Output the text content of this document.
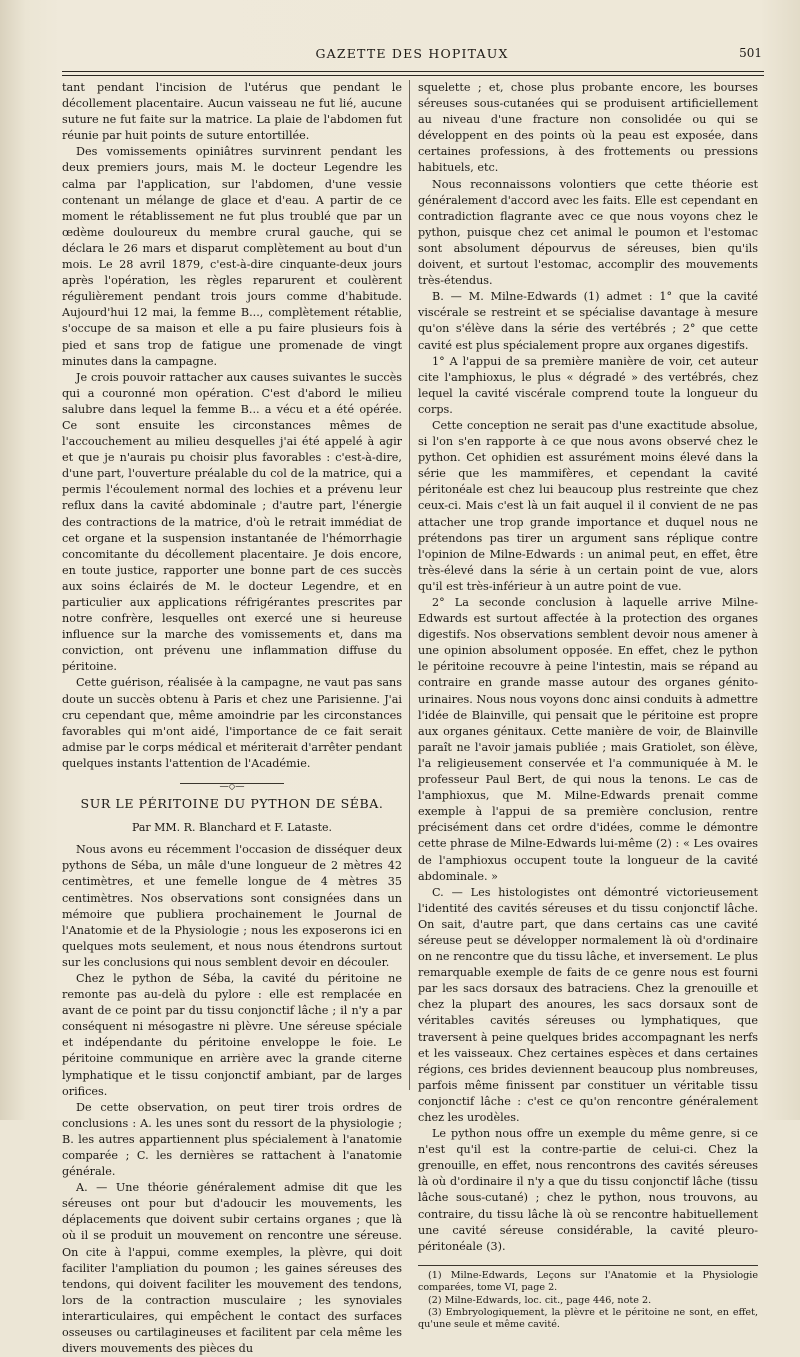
GAZETTE DES HOPITAUX	501

tant pendant l'incision de l'utérus que pendant le décollement placentaire. Aucun vaisseau ne fut lié, aucune suture ne fut faite sur la matrice. La plaie de l'abdomen fut réunie par huit points de suture entortillée.

Des vomissements opiniâtres survinrent pendant les deux premiers jours, mais M. le docteur Legendre les calma par l'application, sur l'abdomen, d'une vessie contenant un mélange de glace et d'eau. A partir de ce moment le rétablissement ne fut plus troublé que par un œdème douloureux du membre crural gauche, qui se déclara le 26 mars et disparut complètement au bout d'un mois. Le 28 avril 1879, c'est-à-dire cinquante-deux jours après l'opération, les règles reparurent et coulèrent régulièrement pendant trois jours comme d'habitude. Aujourd'hui 12 mai, la femme B..., complètement rétablie, s'occupe de sa maison et elle a pu faire plusieurs fois à pied et sans trop de fatigue une promenade de vingt minutes dans la campagne.

Je crois pouvoir rattacher aux causes suivantes le succès qui a couronné mon opération. C'est d'abord le milieu salubre dans lequel la femme B... a vécu et a été opérée. Ce sont ensuite les circonstances mêmes de l'accouchement au milieu desquelles j'ai été appelé à agir et que je n'aurais pu choisir plus favorables : c'est-à-dire, d'une part, l'ouverture préalable du col de la matrice, qui a permis l'écoulement normal des lochies et a prévenu leur reflux dans la cavité abdominale ; d'autre part, l'énergie des contractions de la matrice, d'où le retrait immédiat de cet organe et la suspension instantanée de l'hémorrhagie concomitante du décollement placentaire. Je dois encore, en toute justice, rapporter une bonne part de ces succès aux soins éclairés de M. le docteur Legendre, et en particulier aux applications réfrigérantes prescrites par notre confrère, lesquelles ont exercé une si heureuse influence sur la marche des vomissements et, dans ma conviction, ont prévenu une inflammation diffuse du péritoine.

Cette guérison, réalisée à la campagne, ne vaut pas sans doute un succès obtenu à Paris et chez une Parisienne. J'ai cru cependant que, même amoindrie par les circonstances favorables qui m'ont aidé, l'importance de ce fait serait admise par le corps médical et mériterait d'arrêter pendant quelques instants l'attention de l'Académie.

—◇—
SUR LE PÉRITOINE DU PYTHON DE SÉBA.
Par MM. R. Blanchard et F. Lataste.

Nous avons eu récemment l'occasion de disséquer deux pythons de Séba, un mâle d'une longueur de 2 mètres 42 centimètres, et une femelle longue de 4 mètres 35 centimètres. Nos observations sont consignées dans un mémoire que publiera prochainement le Journal de l'Anatomie et de la Physiologie ; nous les exposerons ici en quelques mots seulement, et nous nous étendrons surtout sur les conclusions qui nous semblent devoir en découler.

Chez le python de Séba, la cavité du péritoine ne remonte pas au-delà du pylore : elle est remplacée en avant de ce point par du tissu conjonctif lâche ; il n'y a par conséquent ni mésogastre ni plèvre. Une séreuse spéciale et indépendante du péritoine enveloppe le foie. Le péritoine communique en arrière avec la grande citerne lymphatique et le tissu conjonctif ambiant, par de larges orifices.

De cette observation, on peut tirer trois ordres de conclusions : A. les unes sont du ressort de la physiologie ; B. les autres appartiennent plus spécialement à l'anatomie comparée ; C. les dernières se rattachent à l'anatomie générale.

A. — Une théorie généralement admise dit que les séreuses ont pour but d'adoucir les mouvements, les déplacements que doivent subir certains organes ; que là où il se produit un mouvement on rencontre une séreuse. On cite à l'appui, comme exemples, la plèvre, qui doit faciliter l'ampliation du poumon ; les gaines séreuses des tendons, qui doivent faciliter les mouvement des tendons, lors de la contraction musculaire ; les synoviales interarticulaires, qui empêchent le contact des surfaces osseuses ou cartilagineuses et facilitent par cela même les divers mouvements des pièces du

squelette ; et, chose plus probante encore, les bourses séreuses sous-cutanées qui se produisent artificiellement au niveau d'une fracture non consolidée ou qui se développent en des points où la peau est exposée, dans certaines professions, à des frottements ou pressions habituels, etc.

Nous reconnaissons volontiers que cette théorie est généralement d'accord avec les faits. Elle est cependant en contradiction flagrante avec ce que nous voyons chez le python, puisque chez cet animal le poumon et l'estomac sont absolument dépourvus de séreuses, bien qu'ils doivent, et surtout l'estomac, accomplir des mouvements très-étendus.

B. — M. Milne-Edwards (1) admet : 1° que la cavité viscérale se restreint et se spécialise davantage à mesure qu'on s'élève dans la série des vertébrés ; 2° que cette cavité est plus spécialement propre aux organes digestifs.

1° A l'appui de sa première manière de voir, cet auteur cite l'amphioxus, le plus « dégradé » des vertébrés, chez lequel la cavité viscérale comprend toute la longueur du corps.

Cette conception ne serait pas d'une exactitude absolue, si l'on s'en rapporte à ce que nous avons observé chez le python. Cet ophidien est assurément moins élevé dans la série que les mammifères, et cependant la cavité péritonéale est chez lui beaucoup plus restreinte que chez ceux-ci. Mais c'est là un fait auquel il il convient de ne pas attacher une trop grande importance et duquel nous ne prétendons pas tirer un argument sans réplique contre l'opinion de Milne-Edwards : un animal peut, en effet, être très-élevé dans la série à un certain point de vue, alors qu'il est très-inférieur à un autre point de vue.

2° La seconde conclusion à laquelle arrive Milne-Edwards est surtout affectée à la protection des organes digestifs. Nos observations semblent devoir nous amener à une opinion absolument opposée. En effet, chez le python le péritoine recouvre à peine l'intestin, mais se répand au contraire en grande masse autour des organes génito-urinaires. Nous nous voyons donc ainsi conduits à admettre l'idée de Blainville, qui pensait que le péritoine est propre aux organes génitaux. Cette manière de voir, de Blainville paraît ne l'avoir jamais publiée ; mais Gratiolet, son élève, l'a religieusement conservée et l'a communiquée à M. le professeur Paul Bert, de qui nous la tenons. Le cas de l'amphioxus, que M. Milne-Edwards prenait comme exemple à l'appui de sa première conclusion, rentre précisément dans cet ordre d'idées, comme le démontre cette phrase de Milne-Edwards lui-même (2) : « Les ovaires de l'amphioxus occupent toute la longueur de la cavité abdominale. »

C. — Les histologistes ont démontré victorieusement l'identité des cavités séreuses et du tissu conjonctif lâche. On sait, d'autre part, que dans certains cas une cavité séreuse peut se développer normalement là où d'ordinaire on ne rencontre que du tissu lâche, et inversement. Le plus remarquable exemple de faits de ce genre nous est fourni par les sacs dorsaux des batraciens. Chez la grenouille et chez la plupart des anoures, les sacs dorsaux sont de véritables cavités séreuses ou lymphatiques, que traversent à peine quelques brides accompagnant les nerfs et les vaisseaux. Chez certaines espèces et dans certaines régions, ces brides deviennent beaucoup plus nombreuses, parfois même finissent par constituer un véritable tissu conjonctif lâche : c'est ce qu'on rencontre généralement chez les urodèles.

Le python nous offre un exemple du même genre, si ce n'est qu'il est la contre-partie de celui-ci. Chez la grenouille, en effet, nous rencontrons des cavités séreuses là où d'ordinaire il n'y a que du tissu conjonctif lâche (tissu lâche sous-cutané) ; chez le python, nous trouvons, au contraire, du tissu lâche là où se rencontre habituellement une cavité séreuse considérable, la cavité pleuro-péritonéale (3).

(1) Milne-Edwards, Leçons sur l'Anatomie et la Physiologie comparées, tome VI, page 2.

(2) Milne-Edwards, loc. cit., page 446, note 2.

(3) Embryologiquement, la plèvre et le péritoine ne sont, en effet, qu'une seule et même cavité.
